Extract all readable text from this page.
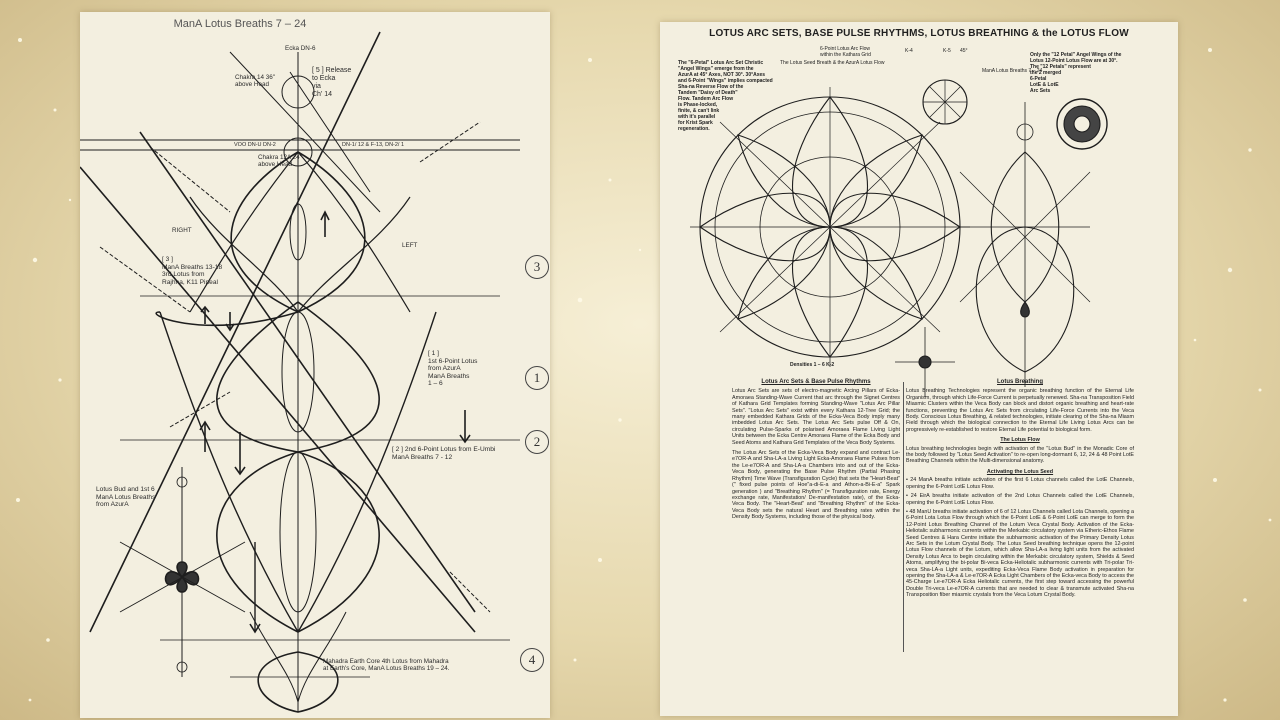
ManA Lotus Breaths 7 – 24
Ecka DN-6
[ 5 ] Release
to Ecka
via
Ch' 14
Chakra 14 36"
above Head
VOO DN-U DN-2	DN-1/ 12 & F-13, DN-2/ 1
Chakra 12A 24"
above Head
RIGHT
LEFT
[ 3 ]
ManA Breaths 13-18
3rd Lotus from
Rajhna, K11 Pineal
[ 1 ]
1st 6-Point Lotus
from AzurA
ManA Breaths
1 – 6
[ 2 ] 2nd 6-Point Lotus from E-Umbi
ManA Breaths 7 - 12
Lotus Bud and 1st 6
ManA Lotus Breaths
from AzurA
Mahadra Earth Core 4th Lotus from Mahadra
at Earth's Core, ManA Lotus Breaths 19 – 24.
3
1
2
4
LOTUS ARC SETS, BASE PULSE RHYTHMS, LOTUS BREATHING & the LOTUS FLOW
The "6-Petal" Lotus Arc Set Christic
"Angel Wings" emerge from the
AzurA at 45° Axes, NOT 30°. 30°Axes
and 6-Point "Wings" implies compacted
Sha-na Reverse Flow of the
Tandem "Daisy of Death"
Flow. Tandem Arc Flow
is Phase-locked,
finite, & can't link
with it's parallel
for Krist Spark
regeneration.
6-Point Lotus Arc Flow
within the Kathara Grid
The Lotus Seed Breath & the AzurA Lotus Flow
K-4	K-5 45°
Only the "12 Petal" Angel Wings of the
Lotus 12-Point Lotus Flow are at 30°.
The "12 Petals" represent
the 2 merged
6-Petal
LotE & LotE
Arc Sets
ManA Lotus Breaths 7 – 24
Densities 1 – 6 K-2
Lotus Arc Sets & Base Pulse Rhythms

Lotus Arc Sets are sets of electro-magnetic Arcing Pillars of Ecka-Amoraea Standing-Wave Current that arc through the Signet Centres of Kathara Grid Templates forming Standing-Wave "Lotus Arc Pillar Sets". "Lotus Arc Sets" exist within every Kathara 12-Tree Grid; the many embedded Kathara Grids of the Ecka-Veca Body imply many imbedded Lotus Arc Sets. The Lotus Arc Sets pulse Off & On, circulating Pulse-Sparks of polarised Amoraea Flame Living Light Units between the Ecka Centre Amoraea Flame of the Ecka Body and Seed Atoms and Kathara Grid Templates of the Veca Body Systems.

The Lotus Arc Sets of the Ecka-Veca Body expand and contract Le-e7OR-A and Sha-LA-a Living Light Ecka-Amoraea Flame Pulses from the Le-e7OR-A and Sha-LA-a Chambers into and out of the Ecka-Veca Body, generating the Base Pulse Rhythm (Partial Phasing Rhythm) Time Wave (Transfiguration Cycle) that sets the "Heart-Beat" (" fixed pulse points of Hoe"a-di-E-a and Athon-a-Bi-E-a" Spark generation ) and "Breathing Rhythm" (= Transfiguration rate, Energy exchange rate, Manifestation/ De-manifestation rate), of the Ecka-Veca Body. The "Heart-Beat" and "Breathing Rhythm" of the Ecka-Veca Body sets the natural Heart and Breathing rates within the Density Body Systems, including those of the physical body.

Lotus Breathing

Lotus Breathing Technologies represent the organic breathing function of the Eternal Life Organism, through which Life-Force Current is perpetually renewed. Sha-na Transposition Field Miasmic Clusters within the Veca Body can block and distort organic breathing and heart-rate functions, preventing the Lotus Arc Sets from circulating Life-Force Currents into the Veca Body. Conscious Lotus Breathing, & related technologies, initiate clearing of the Sha-na Miasm Field through which the biological connection to the Eternal Life Living Lotus Arcs can be progressively re-established to restore Eternal Life potential to biological form.

The Lotus Flow

Lotus breathing technologies begin with activation of the "Lotus Bud" in the Monadic Core of the body followed by "Lotus Seed Activation" to re-open long-dormant 6, 12, 24 & 48 Point LotE Breathing Channels within the Multi-dimensional anatomy.

Activating the Lotus Seed
• 24 ManA breaths initiate activation of the first 6 Lotus channels called the LotE Channels, opening the 6-Point LotE Lotus Flow.
• 24 EirA breaths initiate activation of the 2nd Lotus Channels called the LotE Channels, opening the 6-Point LotE Lotus Flow.
• 48 ManU breaths initiate activation of 6 of 12 Lotus Channels called Lota Channels, opening a 6-Point Lota Lotus Flow through which the 6-Point LotE & 6-Point LotE can merge to form the 12-Point Lotus Breathing Channel of the Lotum Veca Crystal Body. Activation of the Ecka-Heliotalic subharmonic currents within the Merkabic circulatory system via Etheric-Ethos Flame Seed Centres & Hara Centre initiate the subharmonic activation of the Primary Density Lotus Arc Sets in the Lotum Crystal Body. The Lotus Seed breathing technique opens the 12-point Lotus Flow channels of the Lotum, which allow Sha-LA-a living light units from the activated Density Lotus Arcs to begin circulating within the Merkabic circulatory system, Shields & Seed Atoms, amplifying the bi-polar Bi-veca Ecka-Heliotalic subharmonic currents with Tri-polar Tri-veca Sha-LA-a Light units, expediting Ecka-Veca Flame Body activation in preparation for opening the Sha-LA-a & Le-e7OR-A Ecka Light Chambers of the Ecka-veca Body to access the 45-Charge Le-e7OR-A Ecka Heliotalic currents, the first step toward accessing the powerful Double Tri-veca Le-e7OR-A currents that are needed to clear & transmute activated Sha-na Transposition fiber miasmic crystals from the Veca Lotum Crystal Body.
